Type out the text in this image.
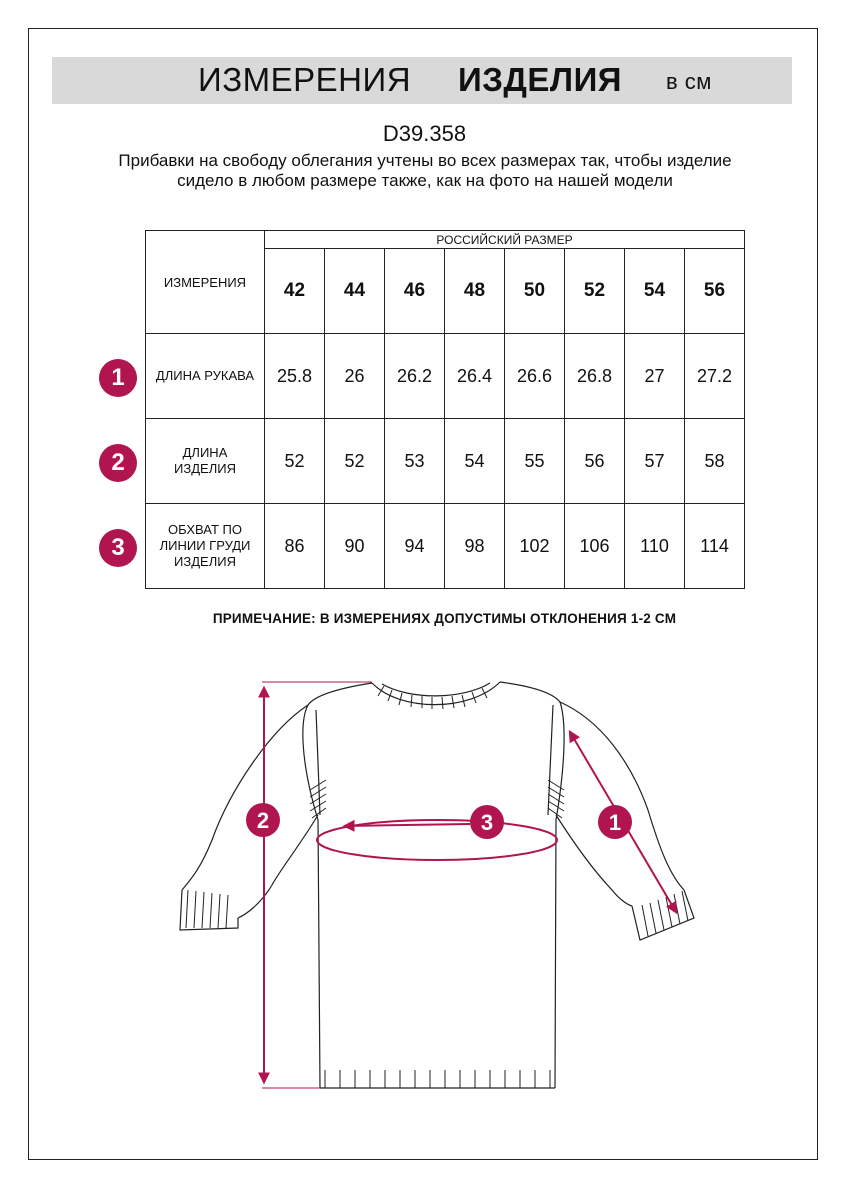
ИЗМЕРЕНИЯ ИЗДЕЛИЯ в см
D39.358
Прибавки на свободу облегания учтены во всех размерах так, чтобы изделие сидело в любом размере также, как на фото на нашей модели
ИЗМЕРЕНИЯ	РОССИЙСКИЙ РАЗМЕР							
	42	44	46	48	50	52	54	56
ДЛИНА РУКАВА	25.8	26	26.2	26.4	26.6	26.8	27	27.2
ДЛИНА ИЗДЕЛИЯ	52	52	53	54	55	56	57	58
ОБХВАТ ПО ЛИНИИ ГРУДИ ИЗДЕЛИЯ	86	90	94	98	102	106	110	114
1
2
3
ПРИМЕЧАНИЕ: В ИЗМЕРЕНИЯХ ДОПУСТИМЫ ОТКЛОНЕНИЯ 1-2 СМ
2	3	1
